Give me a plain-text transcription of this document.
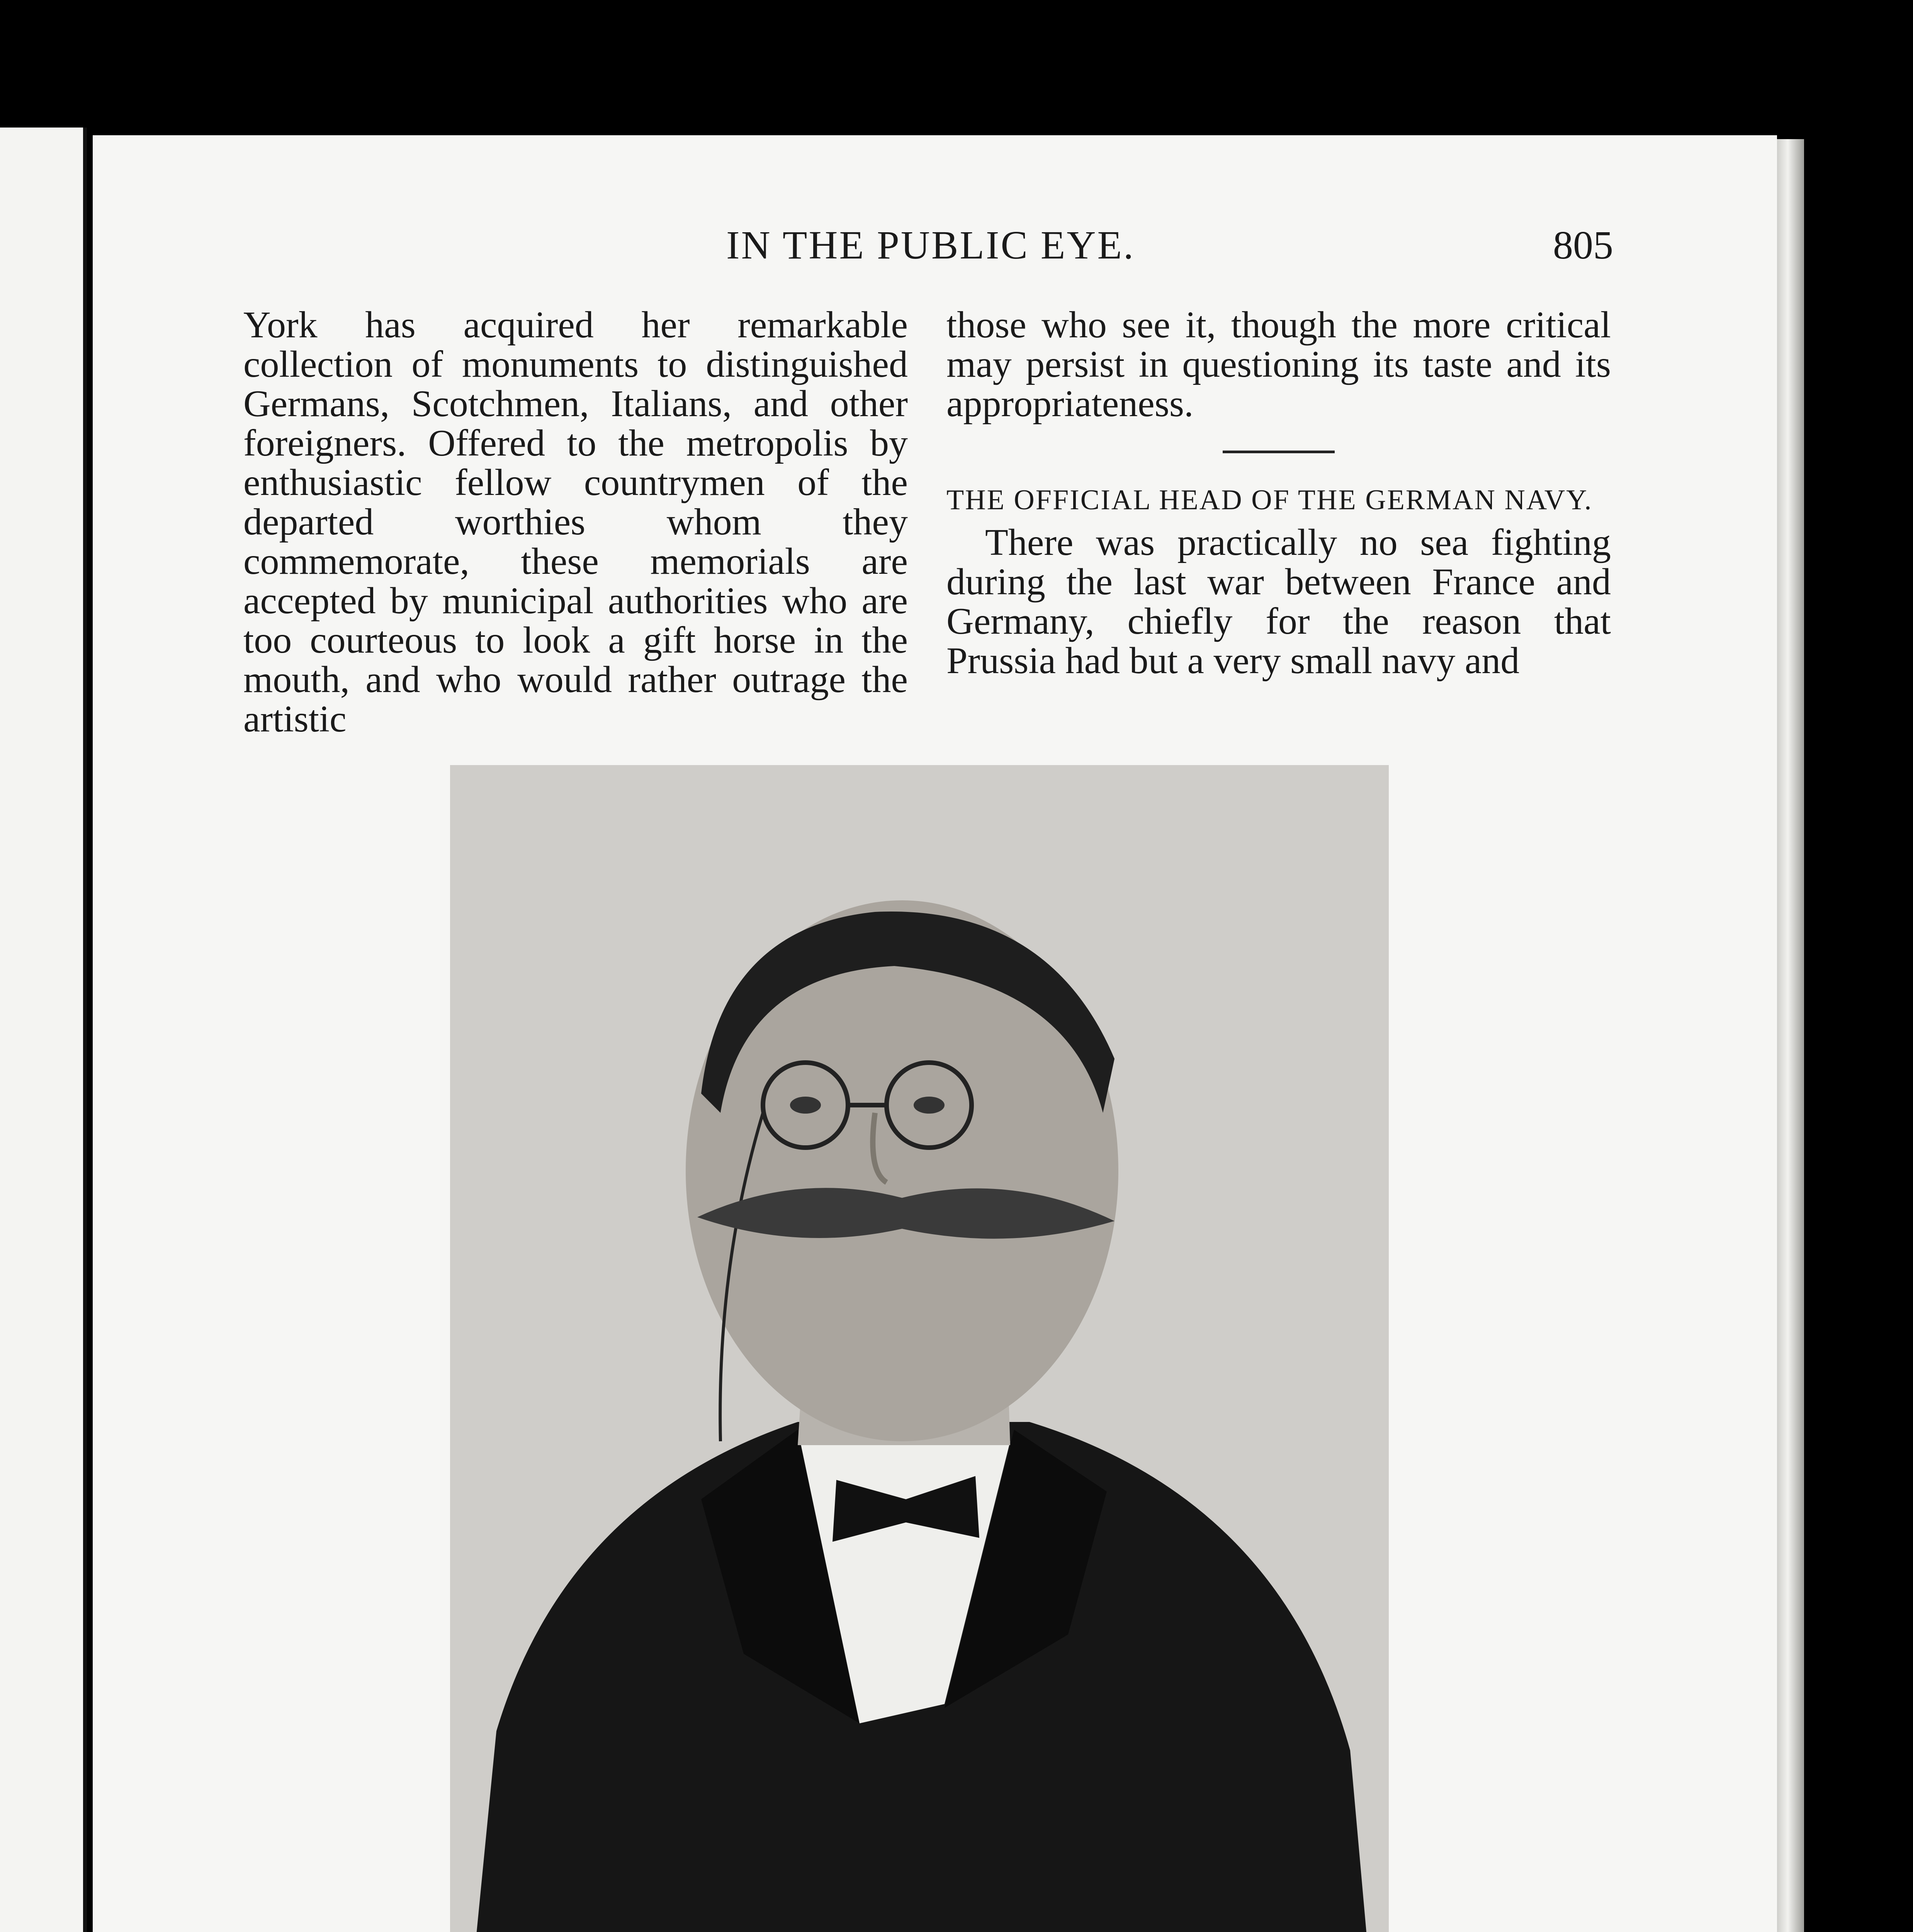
IN THE PUBLIC EYE.	805

York has acquired her remarkable collection of monuments to distinguished Germans, Scotchmen, Italians, and other foreigners. Offered to the metropolis by enthusiastic fellow countrymen of the departed worthies whom they commemorate, these memorials are accepted by municipal authorities who are too courteous to look a gift horse in the mouth, and who would rather outrage the artistic

those who see it, though the more critical may persist in questioning its taste and its appropriateness.

THE OFFICIAL HEAD OF THE GERMAN NAVY.

There was practically no sea fighting during the last war between France and Germany, chiefly for the reason that Prussia had but a very small navy and
